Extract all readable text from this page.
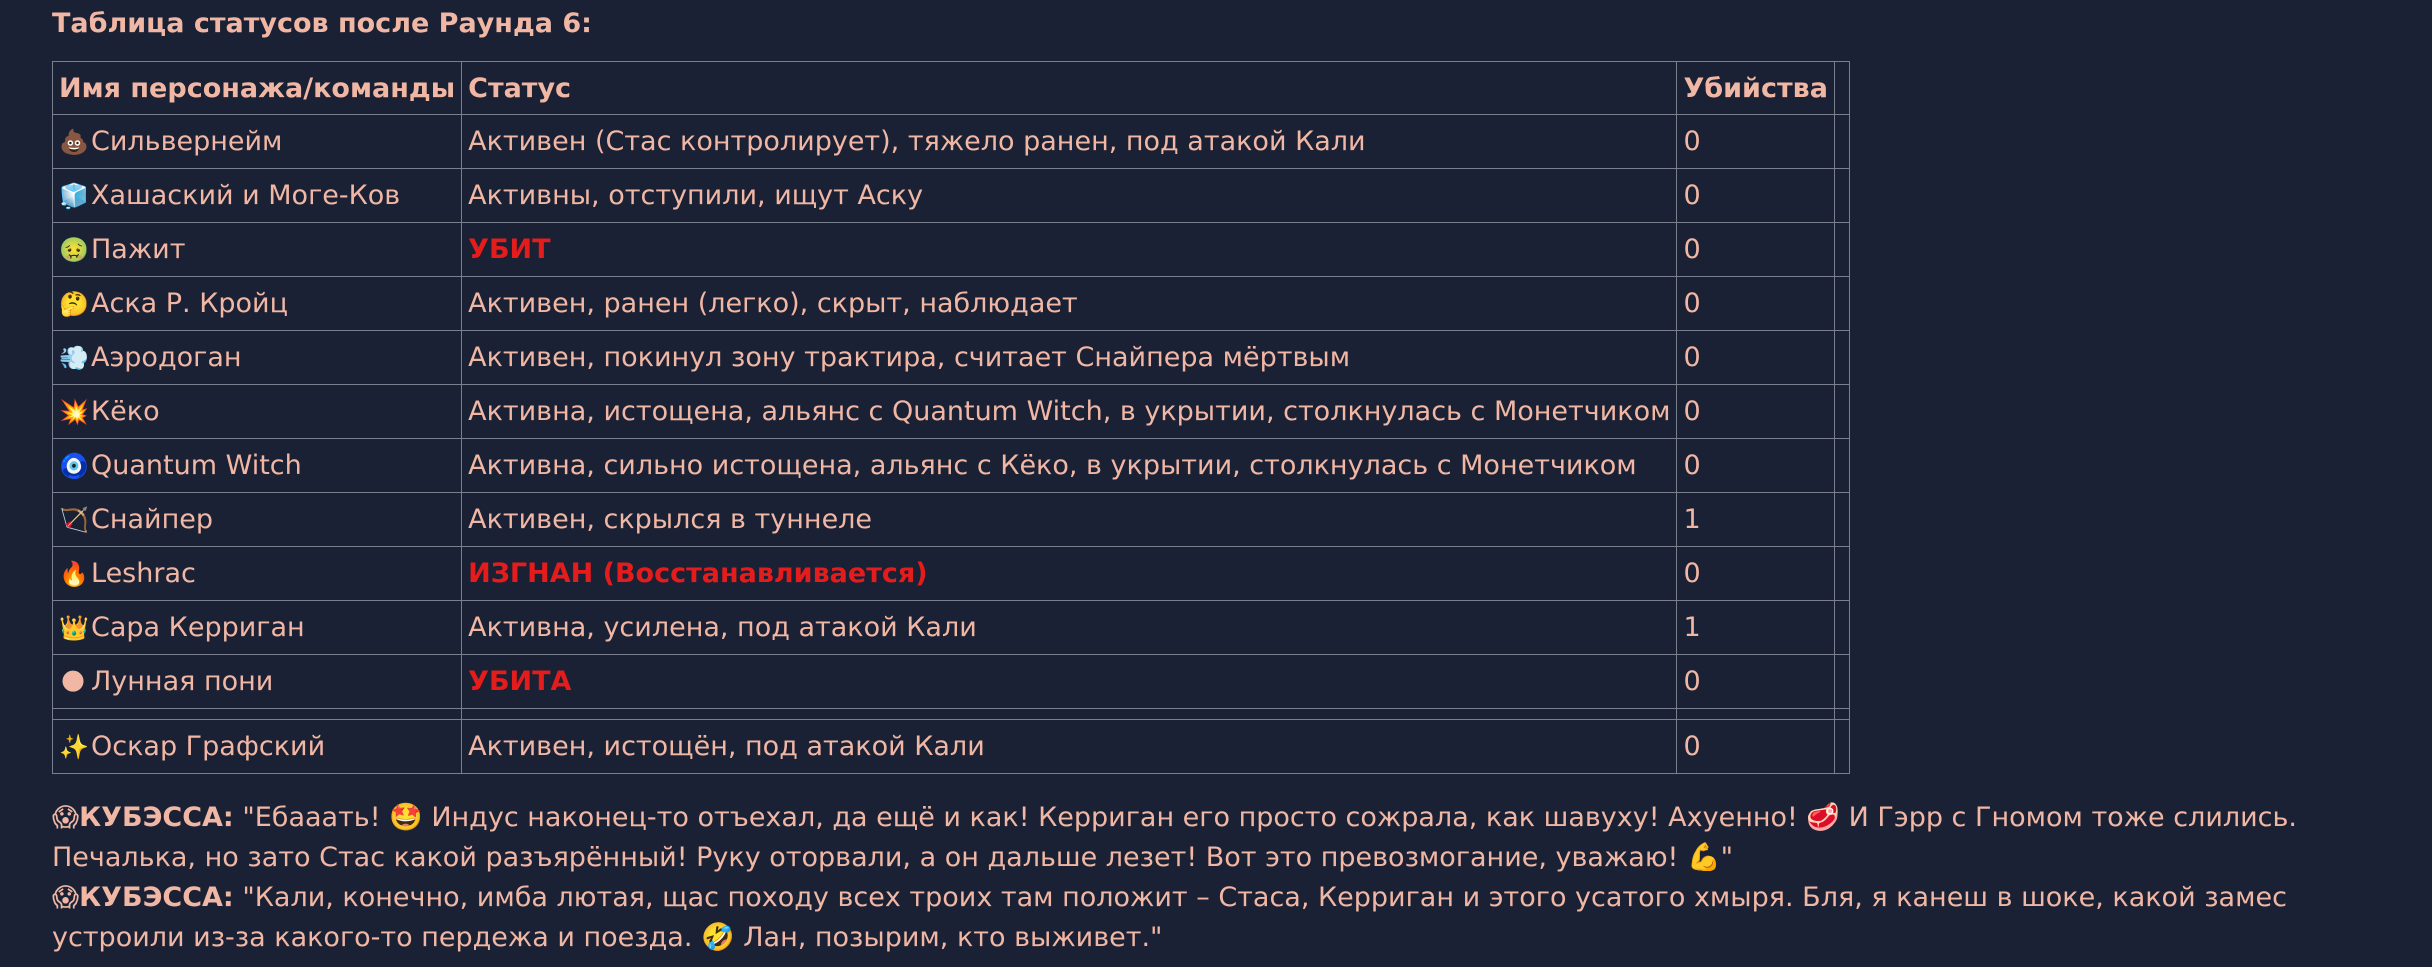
Таблица статусов после Раунда 6:
Имя персонажа/команды	Статус	Убийства	
💩Сильвернейм	Активен (Стас контролирует), тяжело ранен, под атакой Кали	0	
🧊Хашаский и Моге-Ков	Активны, отступили, ищут Аску	0	
🤢Пажит	УБИТ	0	
🤔Аска Р. Кройц	Активен, ранен (легко), скрыт, наблюдает	0	
💨Аэродоган	Активен, покинул зону трактира, считает Снайпера мёртвым	0	
💥Кёко	Активна, истощена, альянс с Quantum Witch, в укрытии, столкнулась с Монетчиком	0	
🧿Quantum Witch	Активна, сильно истощена, альянс с Кёко, в укрытии, столкнулась с Монетчиком	0	
🏹Снайпер	Активен, скрылся в туннеле	1	
🔥Leshrac	ИЗГНАН (Восстанавливается)	0	
👑Сара Керриган	Активна, усилена, под атакой Кали	1	
🌑 Лунная пони	УБИТА	0	

✨Оскар Графский	Активен, истощён, под атакой Кали	0	

😱КУБЭССА: "Ебааать! 🤩 Индус наконец-то отъехал, да ещё и как! Керриган его просто сожрала, как шавуху! Ахуенно! 🥩 И Гэрр с Гномом тоже слились. Печалька, но зато Стас какой разъярённый! Руку оторвали, а он дальше лезет! Вот это превозмогание, уважаю! 💪"

😱КУБЭССА: "Кали, конечно, имба лютая, щас походу всех троих там положит – Стаса, Керриган и этого усатого хмыря. Бля, я канеш в шоке, какой замес устроили из-за какого-то пердежа и поезда. 🤣 Лан, позырим, кто выживет."
